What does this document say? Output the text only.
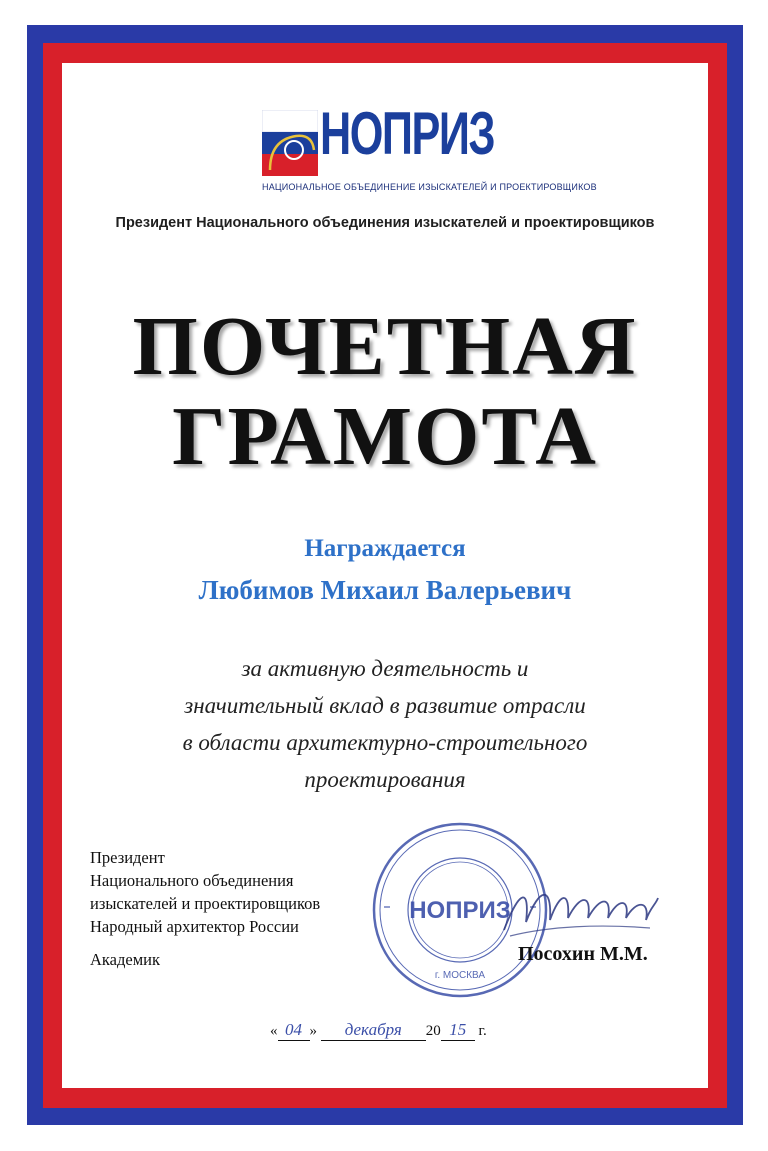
НОПРИЗ
НАЦИОНАЛЬНОЕ ОБЪЕДИНЕНИЕ ИЗЫСКАТЕЛЕЙ И ПРОЕКТИРОВЩИКОВ
Президент Национального объединения изыскателей и проектировщиков
ПОЧЕТНАЯ
ГРАМОТА
Награждается
Любимов Михаил Валерьевич
за активную деятельность и
значительный вклад в развитие отрасли
в области архитектурно-строительного
проектирования
Президент
Национального объединения
изыскателей и проектировщиков
Народный архитектор России
Академик
НОПРИЗ
г. МОСКВА
Посохин М.М.
« 04 » декабря 20 15 г.
